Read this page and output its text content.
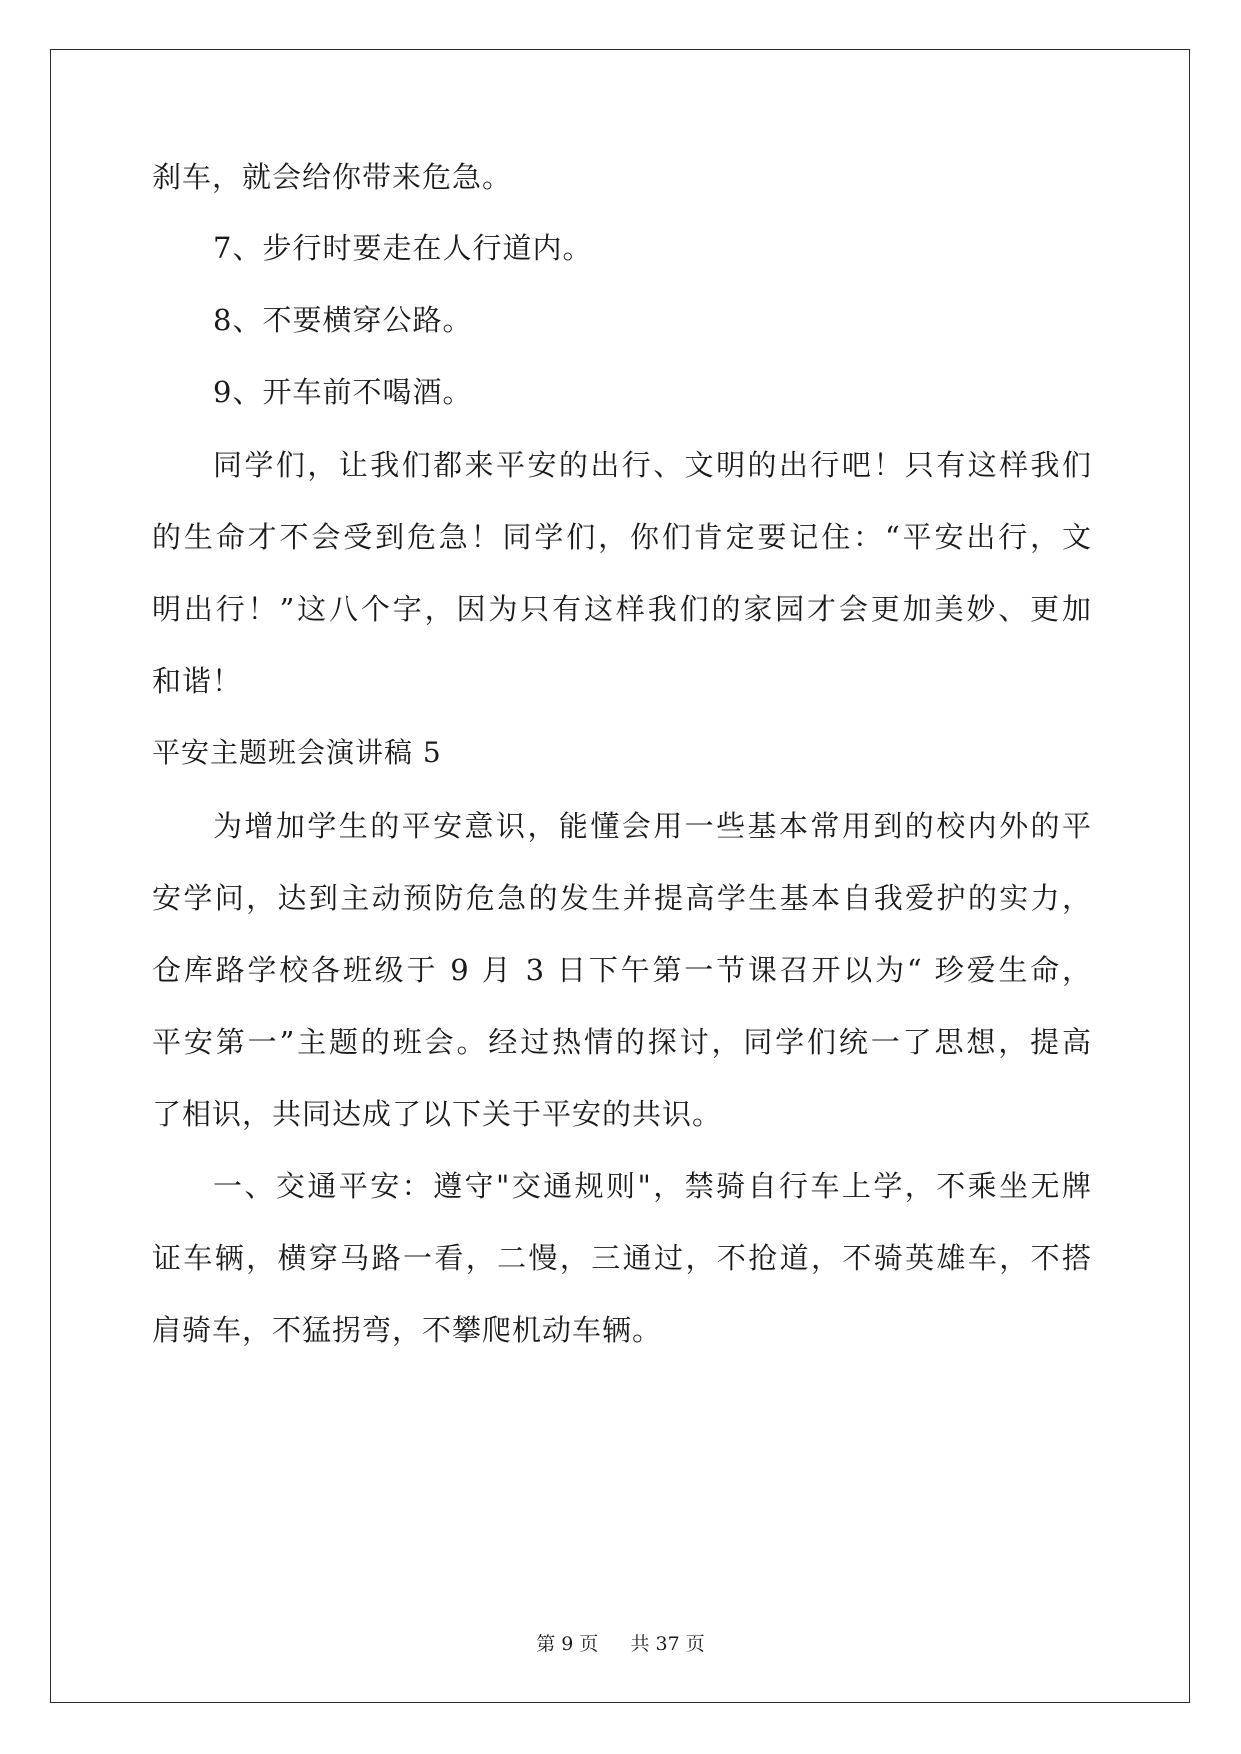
刹车，就会给你带来危急。
7、步行时要走在人行道内。
8、不要横穿公路。
9、开车前不喝酒。
同学们，让我们都来平安的出行、文明的出行吧！只有这样我们
的生命才不会受到危急！同学们，你们肯定要记住：“平安出行，文
明出行！”这八个字，因为只有这样我们的家园才会更加美妙、更加
和谐！
平安主题班会演讲稿 5
为增加学生的平安意识，能懂会用一些基本常用到的校内外的平
安学问，达到主动预防危急的发生并提高学生基本自我爱护的实力，
仓库路学校各班级于 9 月 3 日下午第一节课召开以为“ 珍爱生命，
平安第一”主题的班会。经过热情的探讨，同学们统一了思想，提高
了相识，共同达成了以下关于平安的共识。
一、交通平安：遵守"交通规则"，禁骑自行车上学，不乘坐无牌
证车辆，横穿马路一看，二慢，三通过，不抢道，不骑英雄车，不搭
肩骑车，不猛拐弯，不攀爬机动车辆。
第 9 页 共 37 页
